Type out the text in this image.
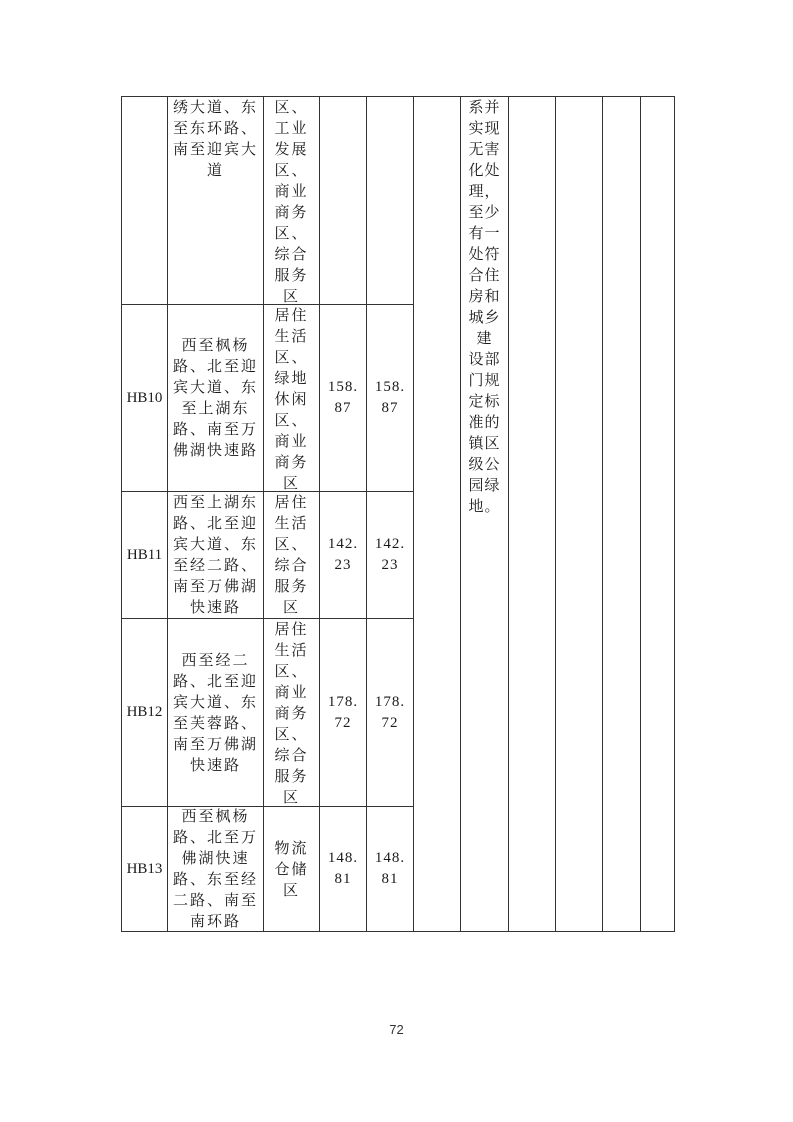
绣大道、东
至东环路、
南至迎宾大
道
区、
工业
发展
区、
商业
商务
区、
综合
服务
区
HB10
西至枫杨
路、北至迎
宾大道、东
至上湖东
路、南至万
佛湖快速路
居住
生活
区、
绿地
休闲
区、
商业
商务
区
158.
87
158.
87
HB11
西至上湖东
路、北至迎
宾大道、东
至经二路、
南至万佛湖
快速路
居住
生活
区、
综合
服务
区
142.
23
142.
23
HB12
西至经二
路、北至迎
宾大道、东
至芙蓉路、
南至万佛湖
快速路
居住
生活
区、
商业
商务
区、
综合
服务
区
178.
72
178.
72
HB13
西至枫杨
路、北至万
佛湖快速
路、东至经
二路、南至
南环路
物流
仓储
区
148.
81
148.
81
系并
实现
无害
化处
理，
至少
有一
处符
合住
房和
城乡
建
设部
门规
定标
准的
镇区
级公
园绿
地。
72
